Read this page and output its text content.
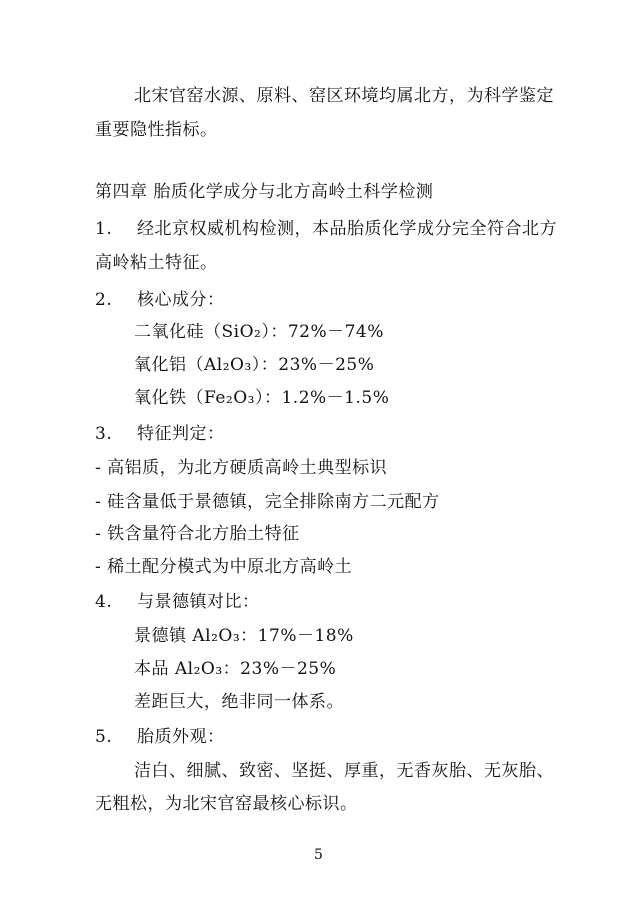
北宋官窑水源、原料、窑区环境均属北方，为科学鉴定
重要隐性指标。
第四章 胎质化学成分与北方高岭土科学检测
1. 经北京权威机构检测，本品胎质化学成分完全符合北方
高岭粘土特征。
2. 核心成分：
二氧化硅（SiO₂）：72%－74%
氧化铝（Al₂O₃）：23%－25%
氧化铁（Fe₂O₃）：1.2%－1.5%
3. 特征判定：
- 高铝质，为北方硬质高岭土典型标识
- 硅含量低于景德镇，完全排除南方二元配方
- 铁含量符合北方胎土特征
- 稀土配分模式为中原北方高岭土
4. 与景德镇对比：
景德镇 Al₂O₃：17%－18%
本品 Al₂O₃：23%－25%
差距巨大，绝非同一体系。
5. 胎质外观：
洁白、细腻、致密、坚挺、厚重，无香灰胎、无灰胎、
无粗松，为北宋官窑最核心标识。
5
